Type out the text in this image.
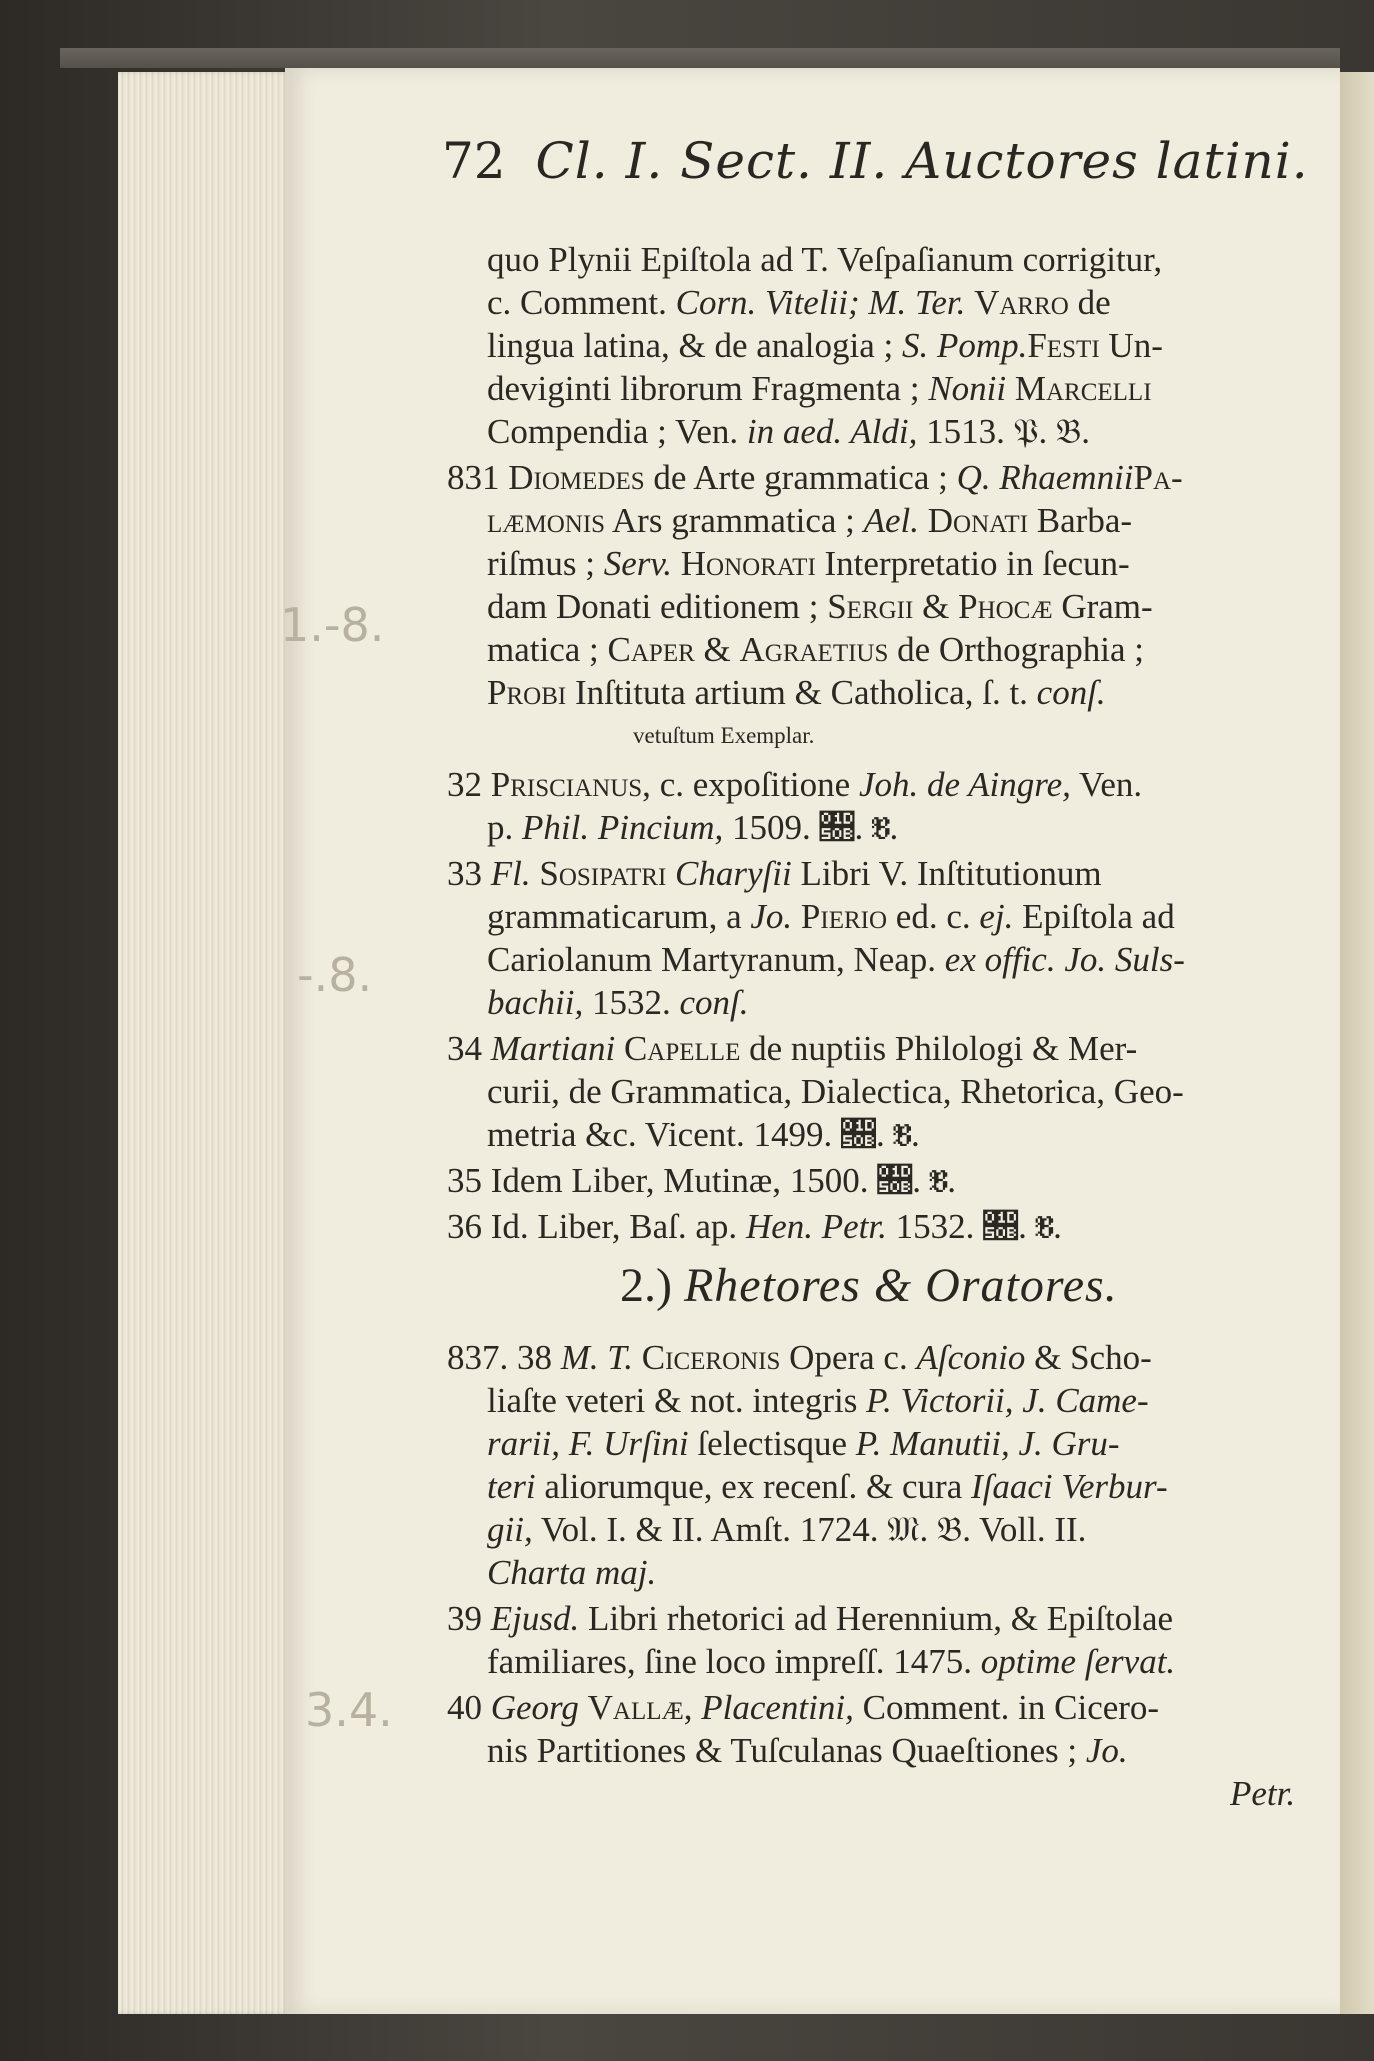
72 Cl. I. Sect. II. Auctores latini.
1.-8.
-.8.
3.4.
quo Plynii Epiſtola ad T. Veſpaſianum corrigitur,
c. Comment. Corn. Vitelii; M. Ter. Varro de
lingua latina, & de analogia ; S. Pomp.Festi Un-
deviginti librorum Fragmenta ; Nonii Marcelli
Compendia ; Ven. in aed. Aldi, 1513. 𝔓. 𝔅.
831 Diomedes de Arte grammatica ; Q. RhaemniiPa-
læmonis Ars grammatica ; Ael. Donati Barba-
riſmus ; Serv. Honorati Interpretatio in ſecun-
dam Donati editionem ; Sergii & Phocæ Gram-
matica ; Caper & Agraetius de Orthographia ;
Probi Inſtituta artium & Catholica, ſ. t. conſ.
vetuſtum Exemplar.
32 Priscianus, c. expoſitione Joh. de Aingre, Ven.
p. Phil. Pincium, 1509. 𝔋. 𝔅.
33 Fl. Sosipatri Charyſii Libri V. Inſtitutionum
grammaticarum, a Jo. Pierio ed. c. ej. Epiſtola ad
Cariolanum Martyranum, Neap. ex offic. Jo. Suls-
bachii, 1532. conſ.
34 Martiani Capelle de nuptiis Philologi & Mer-
curii, de Grammatica, Dialectica, Rhetorica, Geo-
metria &c. Vicent. 1499. 𝔋. 𝔅.
35 Idem Liber, Mutinæ, 1500. 𝔋. 𝔅.
36 Id. Liber, Baſ. ap. Hen. Petr. 1532. 𝔋. 𝔅.
2.) Rhetores & Oratores.
837. 38 M. T. Ciceronis Opera c. Aſconio & Scho-
liaſte veteri & not. integris P. Victorii, J. Came-
rarii, F. Urſini ſelectisque P. Manutii, J. Gru-
teri aliorumque, ex recenſ. & cura Iſaaci Verbur-
gii, Vol. I. & II. Amſt. 1724. 𝔐. 𝔅. Voll. II.
Charta maj.
39 Ejusd. Libri rhetorici ad Herennium, & Epiſtolae
familiares, ſine loco impreſſ. 1475. optime ſervat.
40 Georg Vallæ, Placentini, Comment. in Cicero-
nis Partitiones & Tuſculanas Quaeſtiones ; Jo.
Petr.
